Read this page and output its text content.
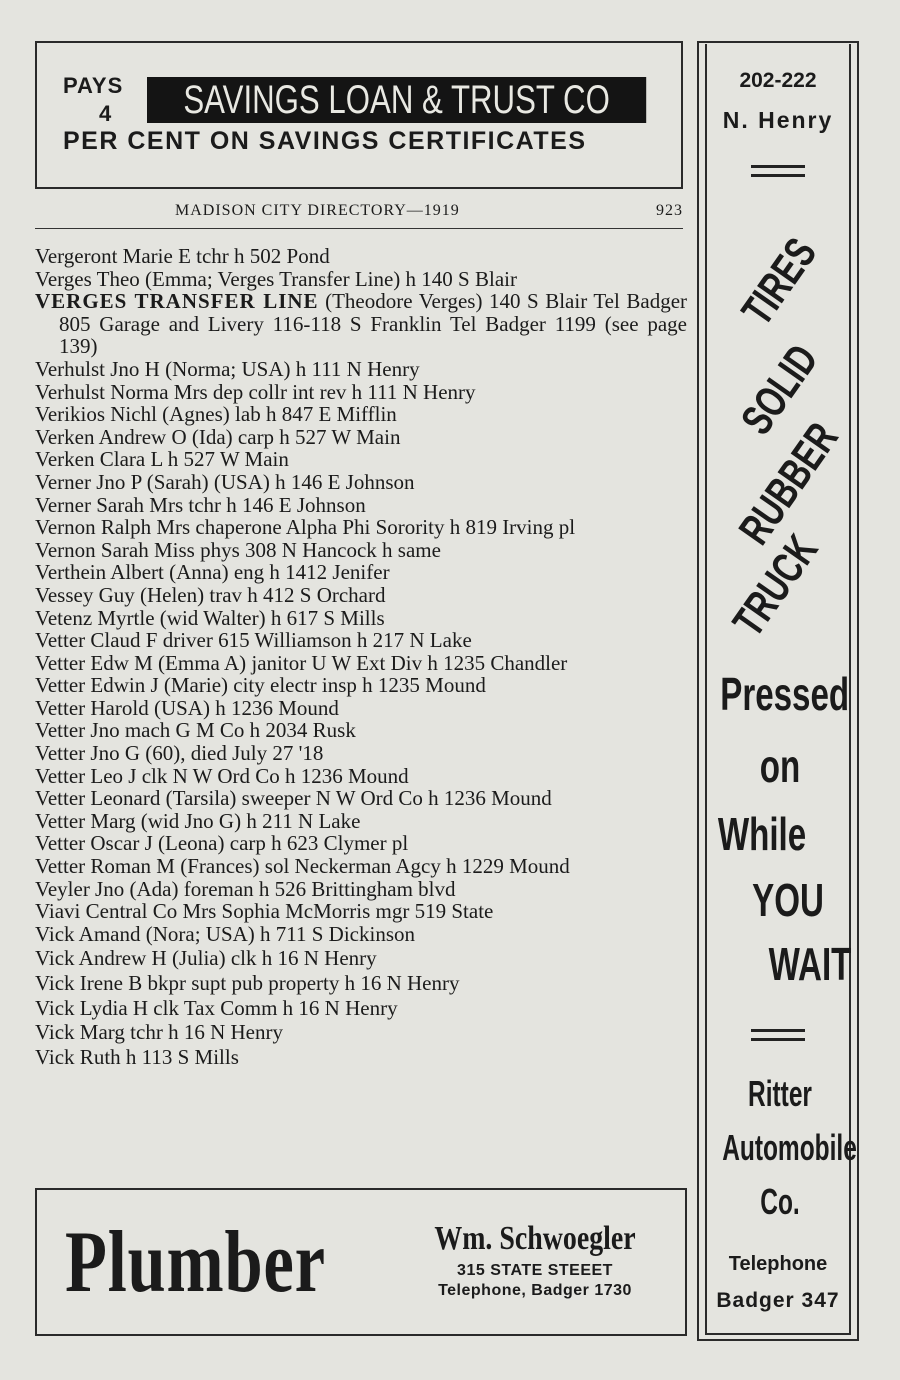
PAYS
4	SAVINGS LOAN & TRUST CO
PER CENT ON SAVINGS CERTIFICATES
MADISON CITY DIRECTORY—1919	923

Vergeront Marie E tchr h 502 Pond

Verges Theo (Emma; Verges Transfer Line) h 140 S Blair

VERGES TRANSFER LINE (Theodore Verges) 140 S Blair Tel Badger 805 Garage and Livery 116-118 S Franklin Tel Badger 1199 (see page 139)

Verhulst Jno H (Norma; USA) h 111 N Henry

Verhulst Norma Mrs dep collr int rev h 111 N Henry

Verikios Nichl (Agnes) lab h 847 E Mifflin

Verken Andrew O (Ida) carp h 527 W Main

Verken Clara L h 527 W Main

Verner Jno P (Sarah) (USA) h 146 E Johnson

Verner Sarah Mrs tchr h 146 E Johnson

Vernon Ralph Mrs chaperone Alpha Phi Sorority h 819 Irving pl

Vernon Sarah Miss phys 308 N Hancock h same

Verthein Albert (Anna) eng h 1412 Jenifer

Vessey Guy (Helen) trav h 412 S Orchard

Vetenz Myrtle (wid Walter) h 617 S Mills

Vetter Claud F driver 615 Williamson h 217 N Lake

Vetter Edw M (Emma A) janitor U W Ext Div h 1235 Chandler

Vetter Edwin J (Marie) city electr insp h 1235 Mound

Vetter Harold (USA) h 1236 Mound

Vetter Jno mach G M Co h 2034 Rusk

Vetter Jno G (60), died July 27 '18

Vetter Leo J clk N W Ord Co h 1236 Mound

Vetter Leonard (Tarsila) sweeper N W Ord Co h 1236 Mound

Vetter Marg (wid Jno G) h 211 N Lake

Vetter Oscar J (Leona) carp h 623 Clymer pl

Vetter Roman M (Frances) sol Neckerman Agcy h 1229 Mound

Veyler Jno (Ada) foreman h 526 Brittingham blvd

Viavi Central Co Mrs Sophia McMorris mgr 519 State

Vick Amand (Nora; USA) h 711 S Dickinson

Vick Andrew H (Julia) clk h 16 N Henry

Vick Irene B bkpr supt pub property h 16 N Henry

Vick Lydia H clk Tax Comm h 16 N Henry

Vick Marg tchr h 16 N Henry

Vick Ruth h 113 S Mills

Plumber	Wm. Schwoegler
315 STATE STEEET
Telephone, Badger 1730
202-222
N. Henry
TIRES
SOLID
RUBBER
TRUCK
Pressed
on
While
YOU
WAIT
Ritter
Automobile
Co.
Telephone
Badger 347
